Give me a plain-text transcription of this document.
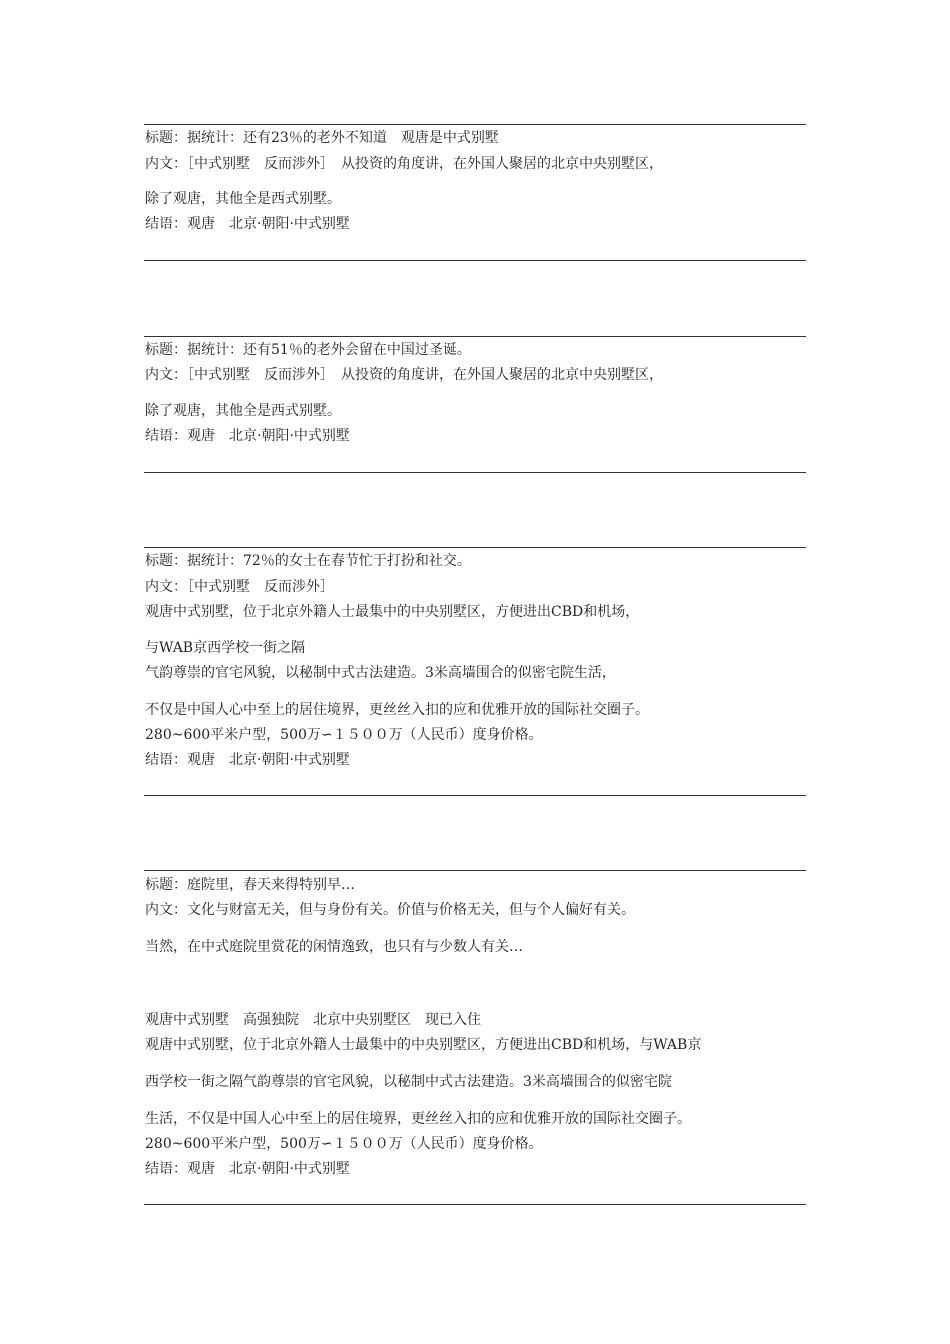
标题：据统计：还有23％的老外不知道　观唐是中式别墅
内文：［中式别墅　反而涉外］　从投资的角度讲，在外国人聚居的北京中央别墅区，
除了观唐，其他全是西式别墅。
结语：观唐　北京·朝阳·中式别墅
标题：据统计：还有51％的老外会留在中国过圣诞。
内文：［中式别墅　反而涉外］　从投资的角度讲，在外国人聚居的北京中央别墅区，
除了观唐，其他全是西式别墅。
结语：观唐　北京·朝阳·中式别墅
标题：据统计：72％的女士在春节忙于打扮和社交。
内文：［中式别墅　反而涉外］
观唐中式别墅，位于北京外籍人士最集中的中央别墅区，方便进出CBD和机场，
与WAB京西学校一街之隔
气韵尊崇的官宅风貌，以秘制中式古法建造。3米高墙围合的似密宅院生活，
不仅是中国人心中至上的居住境界，更丝丝入扣的应和优雅开放的国际社交圈子。
280~600平米户型，500万∽１５００万（人民币）度身价格。
结语：观唐　北京·朝阳·中式别墅
标题：庭院里，春天来得特别早…
内文：文化与财富无关，但与身份有关。价值与价格无关，但与个人偏好有关。
当然，在中式庭院里赏花的闲情逸致，也只有与少数人有关…
观唐中式别墅　高强独院　北京中央别墅区　现已入住
观唐中式别墅，位于北京外籍人士最集中的中央别墅区，方便进出CBD和机场，与WAB京
西学校一街之隔气韵尊崇的官宅风貌，以秘制中式古法建造。3米高墙围合的似密宅院
生活，不仅是中国人心中至上的居住境界，更丝丝入扣的应和优雅开放的国际社交圈子。
280~600平米户型，500万∽１５００万（人民币）度身价格。
结语：观唐　北京·朝阳·中式别墅
